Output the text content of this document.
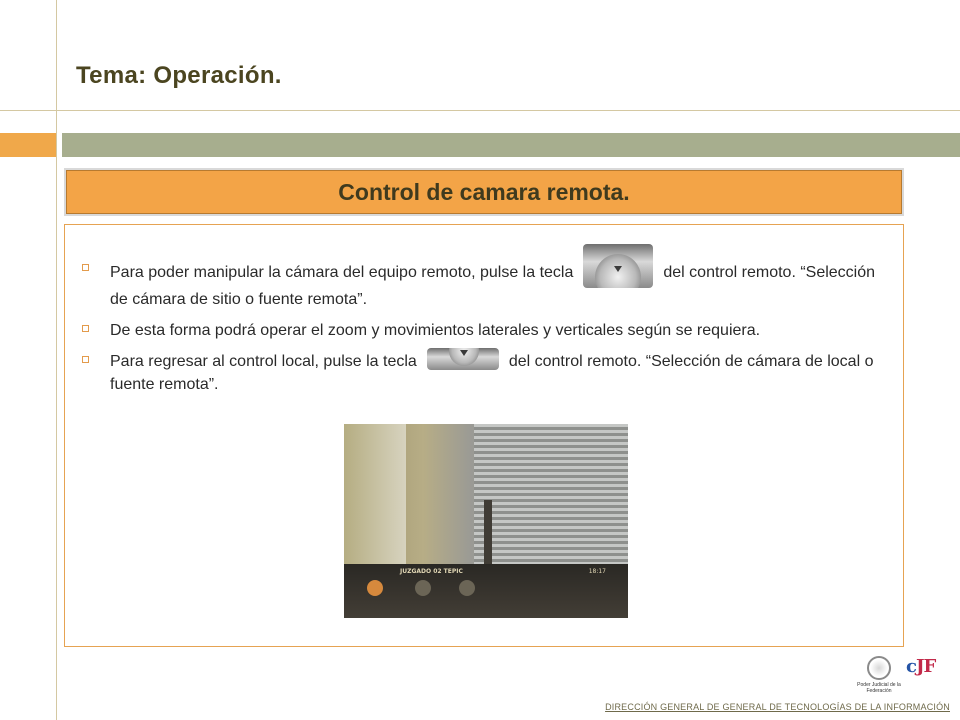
Tema: Operación.
Control de camara remota.
Para poder manipular la cámara del equipo remoto, pulse la tecla	del control remoto. “Selección de cámara de sitio o fuente remota”.
De esta forma podrá operar el zoom y movimientos laterales y verticales según se requiera.
Para regresar al control local, pulse la tecla	del control remoto. “Selección de cámara de local o fuente remota”.
JUZGADO 02 TEPIC	18:17
Poder Judicial de la Federación
cJF
DIRECCIÓN GENERAL DE GENERAL DE TECNOLOGÍAS DE LA INFORMACIÓN
